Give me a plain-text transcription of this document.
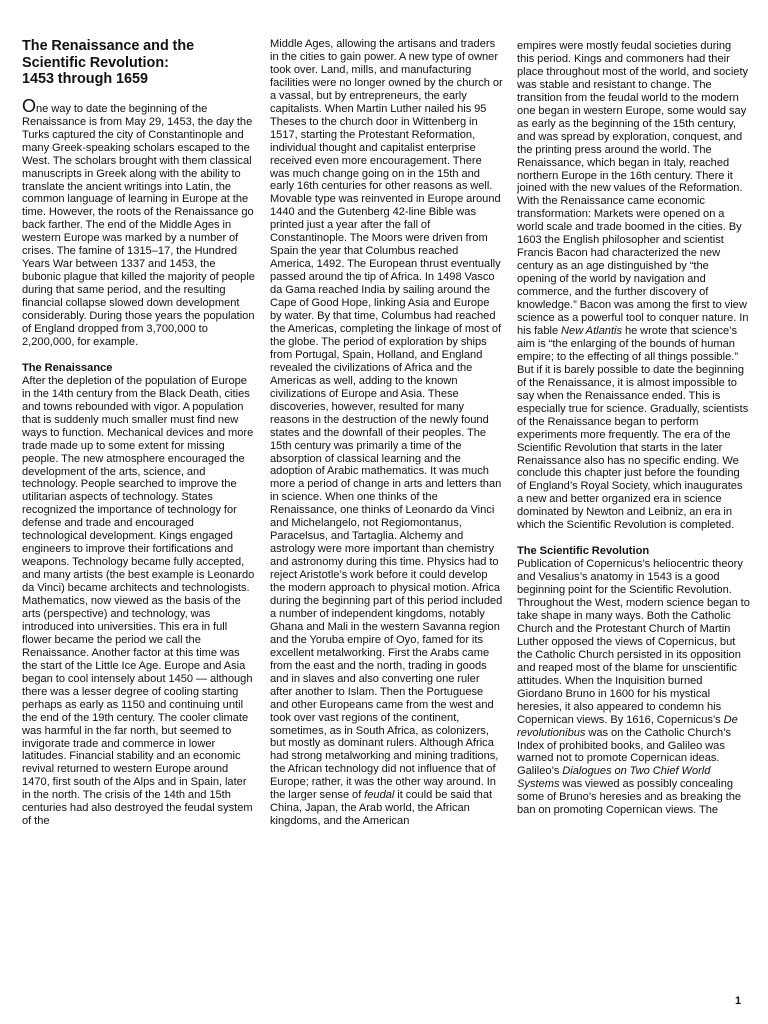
The Renaissance and the
Scientific Revolution:
1453 through 1659

One way to date the beginning of the Renaissance is from May 29, 1453, the day the Turks captured the city of Constantinople and many Greek-speaking scholars escaped to the West. The scholars brought with them classical manuscripts in Greek along with the ability to translate the ancient writings into Latin, the common language of learning in Europe at the time. However, the roots of the Renaissance go back farther. The end of the Middle Ages in western Europe was marked by a number of crises. The famine of 1315–17, the Hundred Years War between 1337 and 1453, the bubonic plague that killed the majority of people during that same period, and the resulting financial collapse slowed down development considerably. During those years the population of England dropped from 3,700,000 to 2,200,000, for example.

The Renaissance

After the depletion of the population of Europe in the 14th century from the Black Death, cities and towns rebounded with vigor. A population that is suddenly much smaller must find new ways to function. Mechanical devices and more trade made up to some extent for missing people. The new atmosphere encouraged the development of the arts, science, and technology. People searched to improve the utilitarian aspects of technology. States recognized the importance of technology for defense and trade and encouraged technological development. Kings engaged engineers to improve their fortifications and weapons. Technology became fully accepted, and many artists (the best example is Leonardo da Vinci) became architects and technologists. Mathematics, now viewed as the basis of the arts (perspective) and technology, was introduced into universities. This era in full flower became the period we call the Renaissance. Another factor at this time was the start of the Little Ice Age. Europe and Asia began to cool intensely about 1450 — although there was a lesser degree of cooling starting perhaps as early as 1150 and continuing until the end of the 19th century. The cooler climate was harmful in the far north, but seemed to invigorate trade and commerce in lower latitudes. Financial stability and an economic revival returned to western Europe around 1470, first south of the Alps and in Spain, later in the north. The crisis of the 14th and 15th centuries had also destroyed the feudal system of the

Middle Ages, allowing the artisans and traders in the cities to gain power. A new type of owner took over. Land, mills, and manufacturing facilities were no longer owned by the church or a vassal, but by entrepreneurs, the early capitalists. When Martin Luther nailed his 95 Theses to the church door in Wittenberg in 1517, starting the Protestant Reformation, individual thought and capitalist enterprise received even more encouragement. There was much change going on in the 15th and early 16th centuries for other reasons as well. Movable type was reinvented in Europe around 1440 and the Gutenberg 42-line Bible was printed just a year after the fall of Constantinople. The Moors were driven from Spain the year that Columbus reached America, 1492. The European thrust eventually passed around the tip of Africa. In 1498 Vasco da Gama reached India by sailing around the Cape of Good Hope, linking Asia and Europe by water. By that time, Columbus had reached the Americas, completing the linkage of most of the globe. The period of exploration by ships from Portugal, Spain, Holland, and England revealed the civilizations of Africa and the Americas as well, adding to the known civilizations of Europe and Asia. These discoveries, however, resulted for many reasons in the destruction of the newly found states and the downfall of their peoples. The 15th century was primarily a time of the absorption of classical learning and the adoption of Arabic mathematics. It was much more a period of change in arts and letters than in science. When one thinks of the Renaissance, one thinks of Leonardo da Vinci and Michelangelo, not Regiomontanus, Paracelsus, and Tartaglia. Alchemy and astrology were more important than chemistry and astronomy during this time. Physics had to reject Aristotle’s work before it could develop the modern approach to physical motion. Africa during the beginning part of this period included a number of independent kingdoms, notably Ghana and Mali in the western Savanna region and the Yoruba empire of Oyo, famed for its excellent metalworking. First the Arabs came from the east and the north, trading in goods and in slaves and also converting one ruler after another to Islam. Then the Portuguese and other Europeans came from the west and took over vast regions of the continent, sometimes, as in South Africa, as colonizers, but mostly as dominant rulers. Although Africa had strong metalworking and mining traditions, the African technology did not influence that of Europe; rather, it was the other way around. In the larger sense of feudal it could be said that China, Japan, the Arab world, the African kingdoms, and the American

empires were mostly feudal societies during this period. Kings and commoners had their place throughout most of the world, and society was stable and resistant to change. The transition from the feudal world to the modern one began in western Europe, some would say as early as the beginning of the 15th century, and was spread by exploration, conquest, and the printing press around the world. The Renaissance, which began in Italy, reached northern Europe in the 16th century. There it joined with the new values of the Reformation. With the Renaissance came economic transformation: Markets were opened on a world scale and trade boomed in the cities. By 1603 the English philosopher and scientist Francis Bacon had characterized the new century as an age distinguished by “the opening of the world by navigation and commerce, and the further discovery of knowledge.” Bacon was among the first to view science as a powerful tool to conquer nature. In his fable New Atlantis he wrote that science’s aim is “the enlarging of the bounds of human empire; to the effecting of all things possible.” But if it is barely possible to date the beginning of the Renaissance, it is almost impossible to say when the Renaissance ended. This is especially true for science. Gradually, scientists of the Renaissance began to perform experiments more frequently. The era of the Scientific Revolution that starts in the later Renaissance also has no specific ending. We conclude this chapter just before the founding of England’s Royal Society, which inaugurates a new and better organized era in science dominated by Newton and Leibniz, an era in which the Scientific Revolution is completed.

The Scientific Revolution

Publication of Copernicus’s heliocentric theory and Vesalius’s anatomy in 1543 is a good beginning point for the Scientific Revolution. Throughout the West, modern science began to take shape in many ways. Both the Catholic Church and the Protestant Church of Martin Luther opposed the views of Copernicus, but the Catholic Church persisted in its opposition and reaped most of the blame for unscientific attitudes. When the Inquisition burned Giordano Bruno in 1600 for his mystical heresies, it also appeared to condemn his Copernican views. By 1616, Copernicus’s De revolutionibus was on the Catholic Church’s Index of prohibited books, and Galileo was warned not to promote Copernican ideas. Galileo’s Dialogues on Two Chief World Systems was viewed as possibly concealing some of Bruno’s heresies and as breaking the ban on promoting Copernican views. The

1
